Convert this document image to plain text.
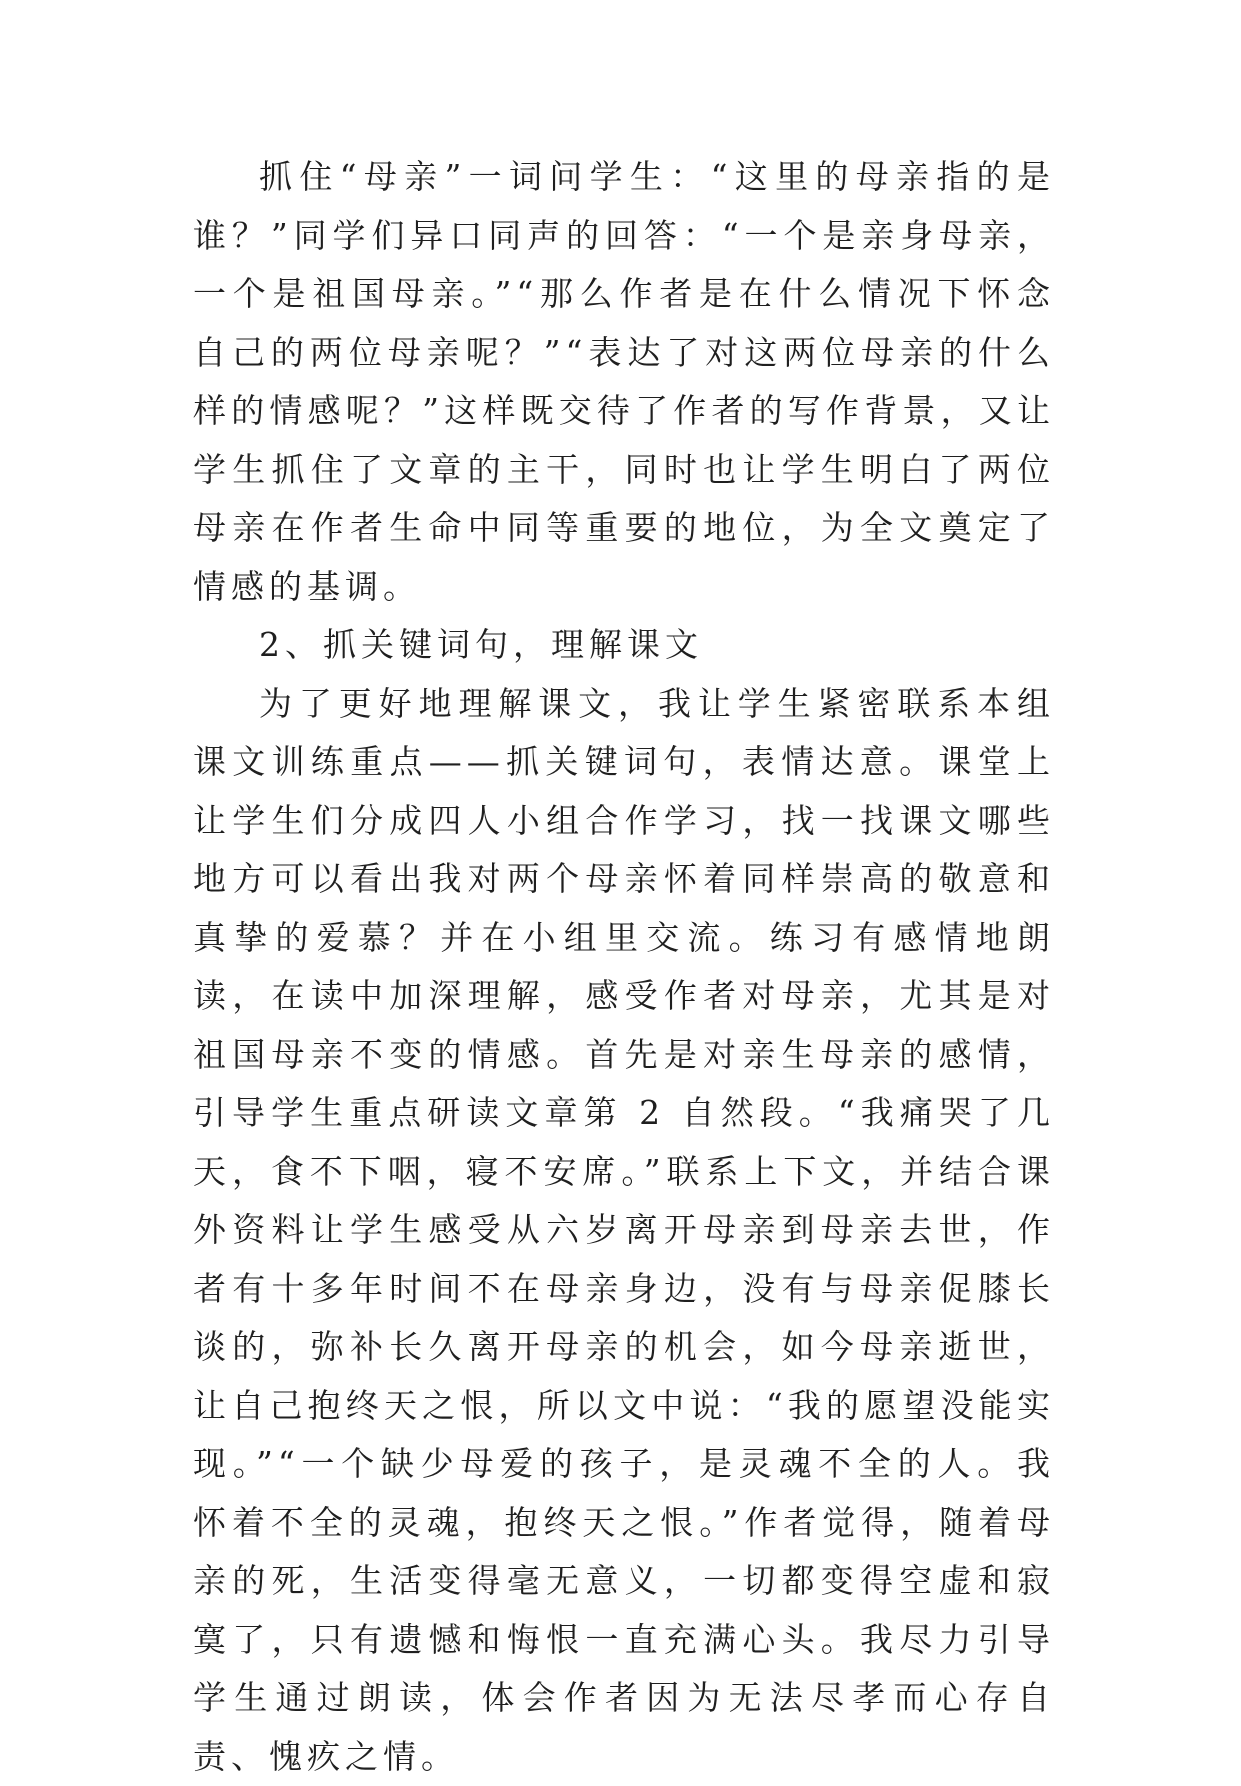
抓住“母亲”一词问学生：“这里的母亲指的是谁？”同学们异口同声的回答：“一个是亲身母亲，一个是祖国母亲。”“那么作者是在什么情况下怀念自己的两位母亲呢？”“表达了对这两位母亲的什么样的情感呢？”这样既交待了作者的写作背景，又让学生抓住了文章的主干，同时也让学生明白了两位母亲在作者生命中同等重要的地位，为全文奠定了情感的基调。

2、抓关键词句，理解课文

为了更好地理解课文，我让学生紧密联系本组课文训练重点——抓关键词句，表情达意。课堂上让学生们分成四人小组合作学习，找一找课文哪些地方可以看出我对两个母亲怀着同样崇高的敬意和真挚的爱慕？并在小组里交流。练习有感情地朗读，在读中加深理解，感受作者对母亲，尤其是对祖国母亲不变的情感。首先是对亲生母亲的感情，引导学生重点研读文章第 2 自然段。“我痛哭了几天，食不下咽，寝不安席。”联系上下文，并结合课外资料让学生感受从六岁离开母亲到母亲去世，作者有十多年时间不在母亲身边，没有与母亲促膝长谈的，弥补长久离开母亲的机会，如今母亲逝世，让自己抱终天之恨，所以文中说：“我的愿望没能实现。”“一个缺少母爱的孩子，是灵魂不全的人。我怀着不全的灵魂，抱终天之恨。”作者觉得，随着母亲的死，生活变得毫无意义，一切都变得空虚和寂寞了，只有遗憾和悔恨一直充满心头。我尽力引导学生通过朗读，体会作者因为无法尽孝而心存自责、愧疚之情。
